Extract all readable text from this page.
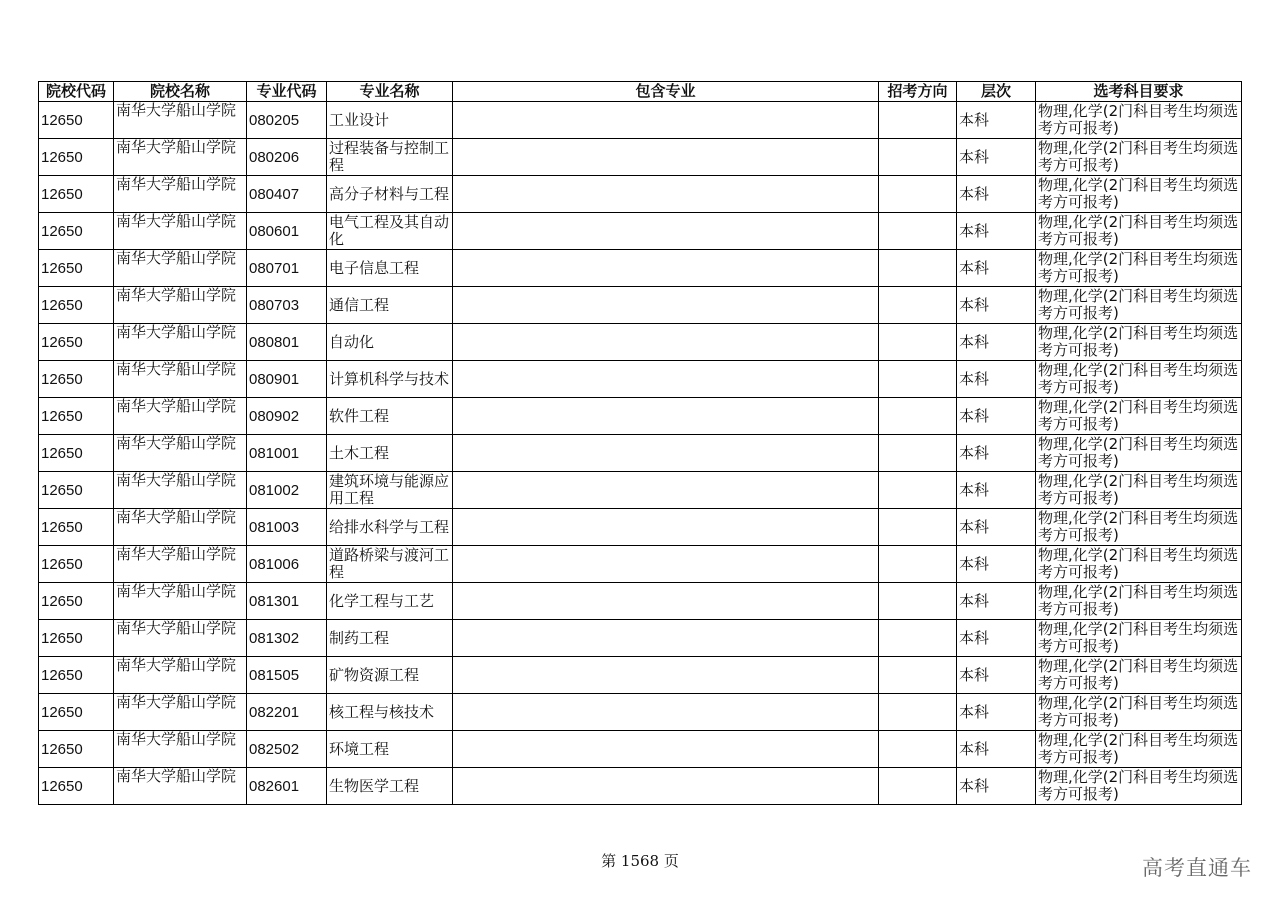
院校代码	院校名称	专业代码	专业名称	包含专业	招考方向	层次	选考科目要求
12650	南华大学船山学院	080205	工业设计			本科	物理,化学(2门科目考生均须选考方可报考)
12650	南华大学船山学院	080206	过程装备与控制工程			本科	物理,化学(2门科目考生均须选考方可报考)
12650	南华大学船山学院	080407	高分子材料与工程			本科	物理,化学(2门科目考生均须选考方可报考)
12650	南华大学船山学院	080601	电气工程及其自动化			本科	物理,化学(2门科目考生均须选考方可报考)
12650	南华大学船山学院	080701	电子信息工程			本科	物理,化学(2门科目考生均须选考方可报考)
12650	南华大学船山学院	080703	通信工程			本科	物理,化学(2门科目考生均须选考方可报考)
12650	南华大学船山学院	080801	自动化			本科	物理,化学(2门科目考生均须选考方可报考)
12650	南华大学船山学院	080901	计算机科学与技术			本科	物理,化学(2门科目考生均须选考方可报考)
12650	南华大学船山学院	080902	软件工程			本科	物理,化学(2门科目考生均须选考方可报考)
12650	南华大学船山学院	081001	土木工程			本科	物理,化学(2门科目考生均须选考方可报考)
12650	南华大学船山学院	081002	建筑环境与能源应用工程			本科	物理,化学(2门科目考生均须选考方可报考)
12650	南华大学船山学院	081003	给排水科学与工程			本科	物理,化学(2门科目考生均须选考方可报考)
12650	南华大学船山学院	081006	道路桥梁与渡河工程			本科	物理,化学(2门科目考生均须选考方可报考)
12650	南华大学船山学院	081301	化学工程与工艺			本科	物理,化学(2门科目考生均须选考方可报考)
12650	南华大学船山学院	081302	制药工程			本科	物理,化学(2门科目考生均须选考方可报考)
12650	南华大学船山学院	081505	矿物资源工程			本科	物理,化学(2门科目考生均须选考方可报考)
12650	南华大学船山学院	082201	核工程与核技术			本科	物理,化学(2门科目考生均须选考方可报考)
12650	南华大学船山学院	082502	环境工程			本科	物理,化学(2门科目考生均须选考方可报考)
12650	南华大学船山学院	082601	生物医学工程			本科	物理,化学(2门科目考生均须选考方可报考)
第 1568 页	高考直通车
